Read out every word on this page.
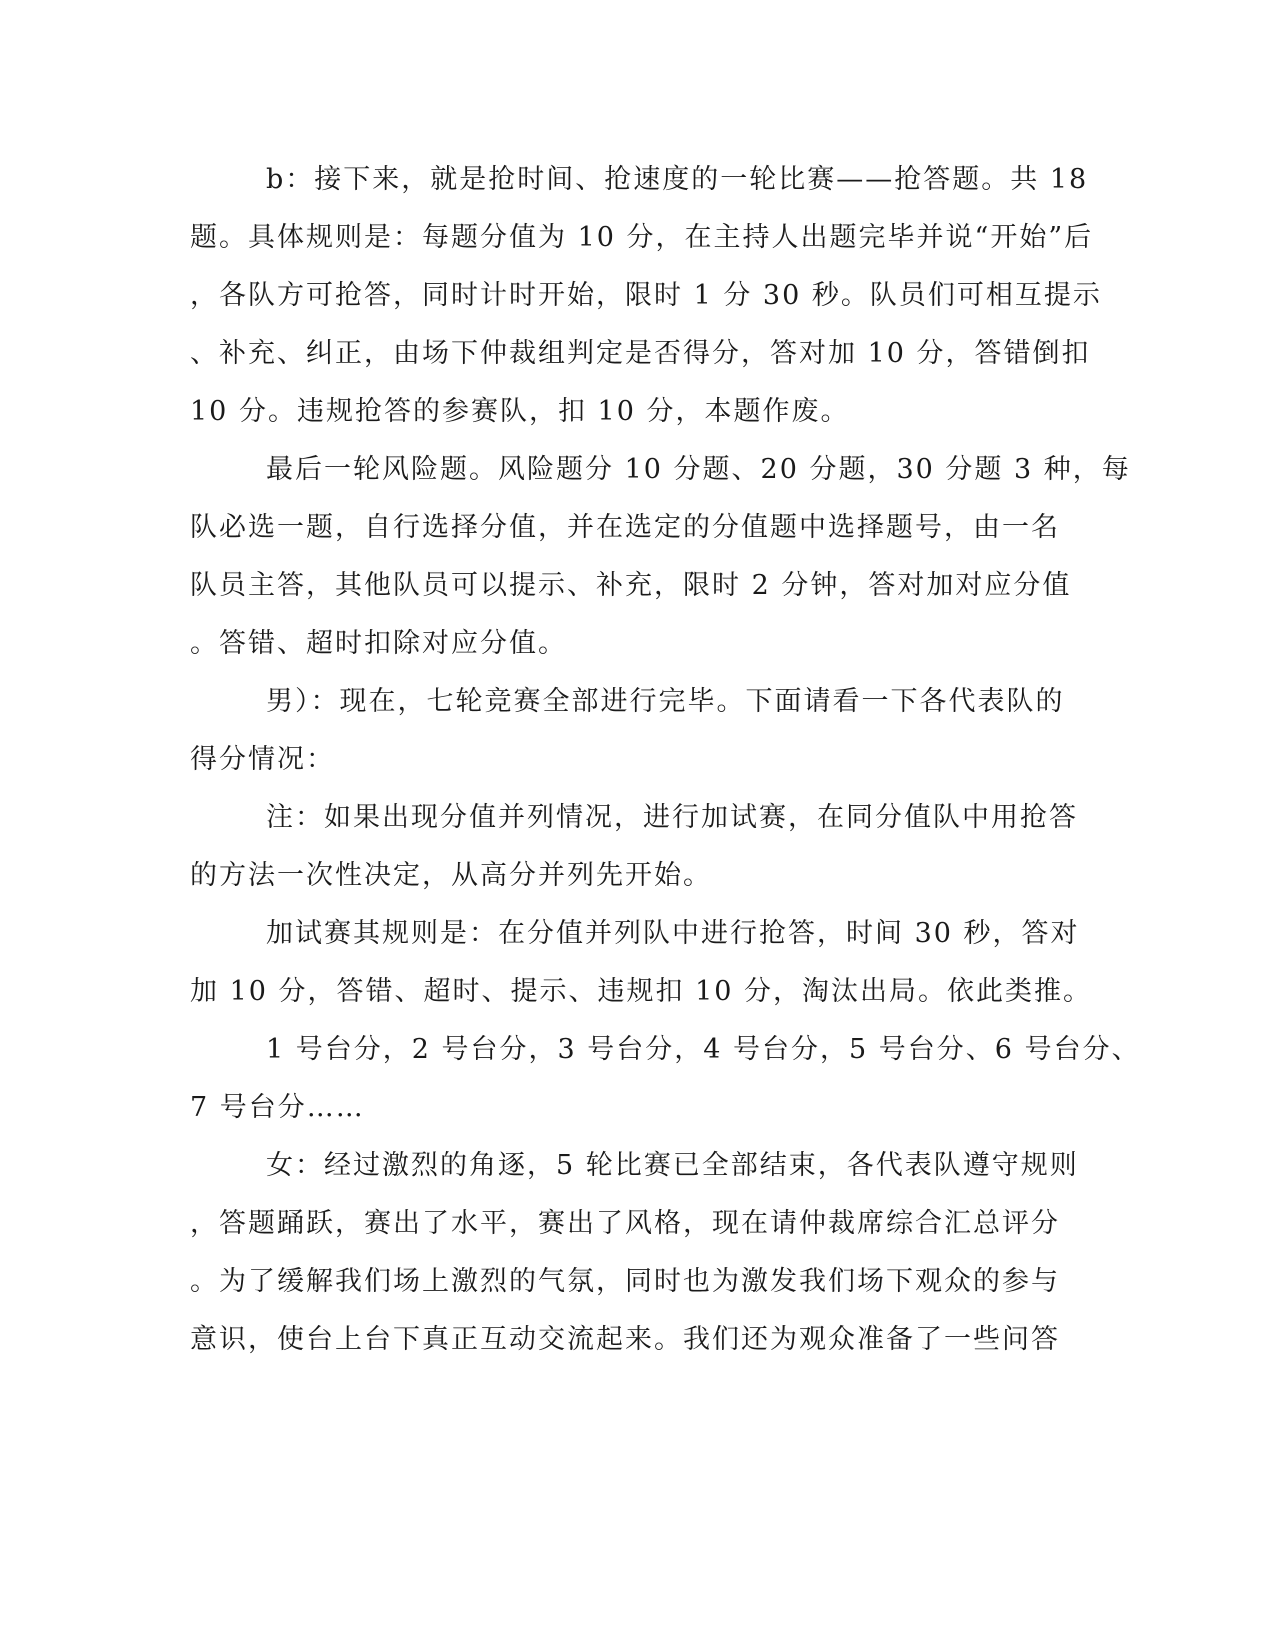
b：接下来，就是抢时间、抢速度的一轮比赛——抢答题。共 18
题。具体规则是：每题分值为 10 分，在主持人出题完毕并说“开始”后
，各队方可抢答，同时计时开始，限时 1 分 30 秒。队员们可相互提示
、补充、纠正，由场下仲裁组判定是否得分，答对加 10 分，答错倒扣
10 分。违规抢答的参赛队，扣 10 分，本题作废。
最后一轮风险题。风险题分 10 分题、20 分题，30 分题 3 种，每
队必选一题，自行选择分值，并在选定的分值题中选择题号，由一名
队员主答，其他队员可以提示、补充，限时 2 分钟，答对加对应分值
。答错、超时扣除对应分值。
男）：现在，七轮竞赛全部进行完毕。下面请看一下各代表队的
得分情况：
注：如果出现分值并列情况，进行加试赛，在同分值队中用抢答
的方法一次性决定，从高分并列先开始。
加试赛其规则是：在分值并列队中进行抢答，时间 30 秒，答对
加 10 分，答错、超时、提示、违规扣 10 分，淘汰出局。依此类推。
1 号台分，2 号台分，3 号台分，4 号台分，5 号台分、6 号台分、
7 号台分……
女：经过激烈的角逐，5 轮比赛已全部结束，各代表队遵守规则
，答题踊跃，赛出了水平，赛出了风格，现在请仲裁席综合汇总评分
。为了缓解我们场上激烈的气氛，同时也为激发我们场下观众的参与
意识，使台上台下真正互动交流起来。我们还为观众准备了一些问答
